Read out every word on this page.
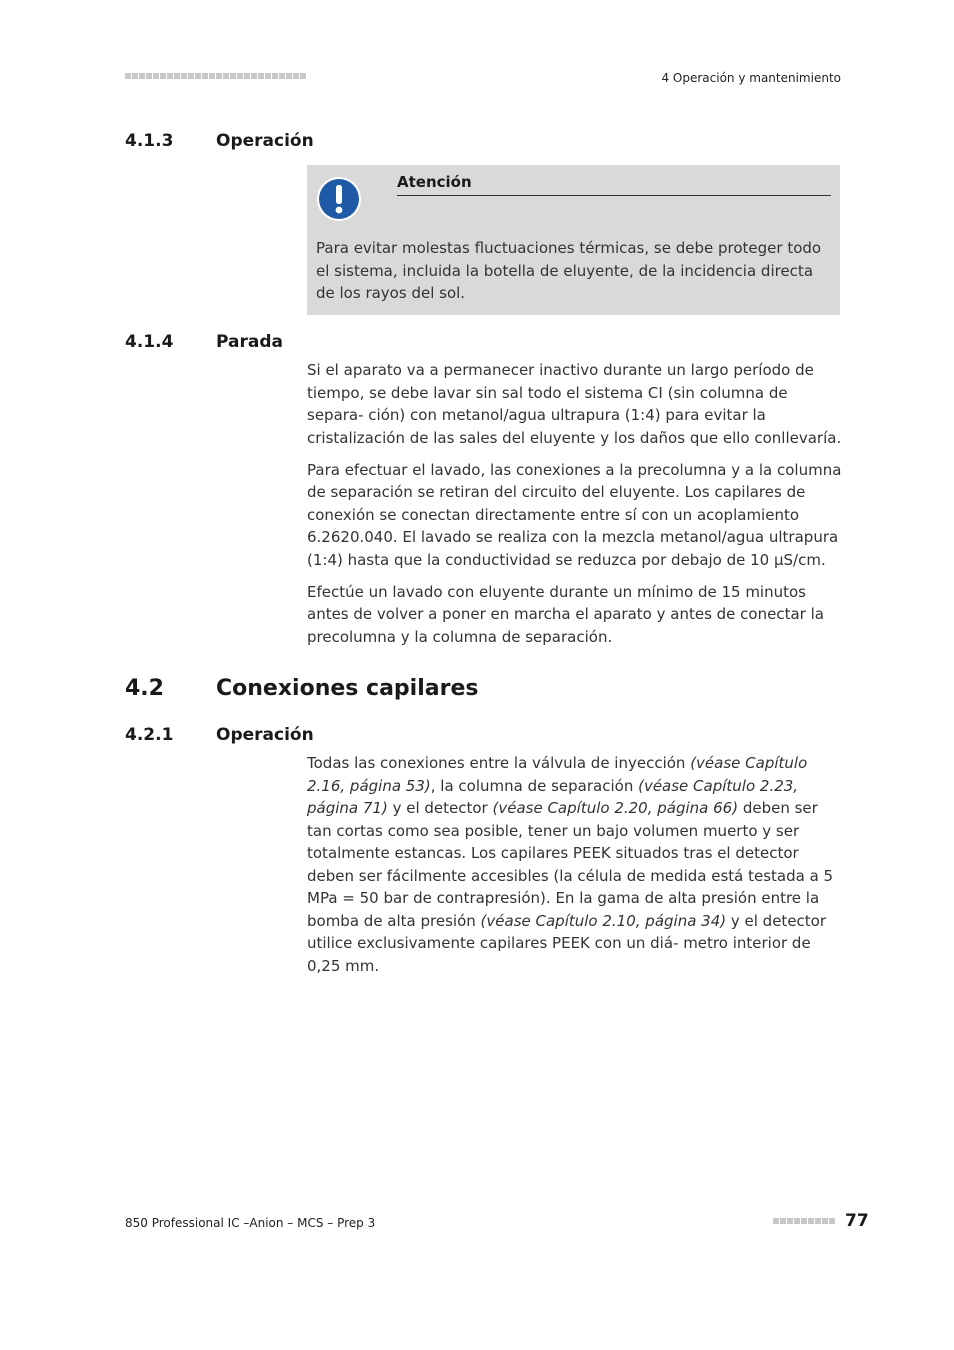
4 Operación y mantenimiento
4.1.3	Operación
Atención
Para evitar molestas fluctuaciones térmicas, se debe proteger todo el sistema, incluida la botella de eluyente, de la incidencia directa de los rayos del sol.
4.1.4	Parada

Si el aparato va a permanecer inactivo durante un largo período de tiempo, se debe lavar sin sal todo el sistema CI (sin columna de separa- ción) con metanol/agua ultrapura (1:4) para evitar la cristalización de las sales del eluyente y los daños que ello conllevaría.

Para efectuar el lavado, las conexiones a la precolumna y a la columna de separación se retiran del circuito del eluyente. Los capilares de conexión se conectan directamente entre sí con un acoplamiento 6.2620.040. El lavado se realiza con la mezcla metanol/agua ultrapura (1:4) hasta que la conductividad se reduzca por debajo de 10 µS/cm.

Efectúe un lavado con eluyente durante un mínimo de 15 minutos antes de volver a poner en marcha el aparato y antes de conectar la precolumna y la columna de separación.

4.2 Conexiones capilares
4.2.1	Operación

Todas las conexiones entre la válvula de inyección (véase Capítulo 2.16, página 53), la columna de separación (véase Capítulo 2.23, página 71) y el detector (véase Capítulo 2.20, página 66) deben ser tan cortas como sea posible, tener un bajo volumen muerto y ser totalmente estancas. Los capilares PEEK situados tras el detector deben ser fácilmente accesibles (la célula de medida está testada a 5 MPa = 50 bar de contrapresión). En la gama de alta presión entre la bomba de alta presión (véase Capítulo 2.10, página 34) y el detector utilice exclusivamente capilares PEEK con un diá- metro interior de 0,25 mm.

850 Professional IC –Anion – MCS – Prep 3	77
